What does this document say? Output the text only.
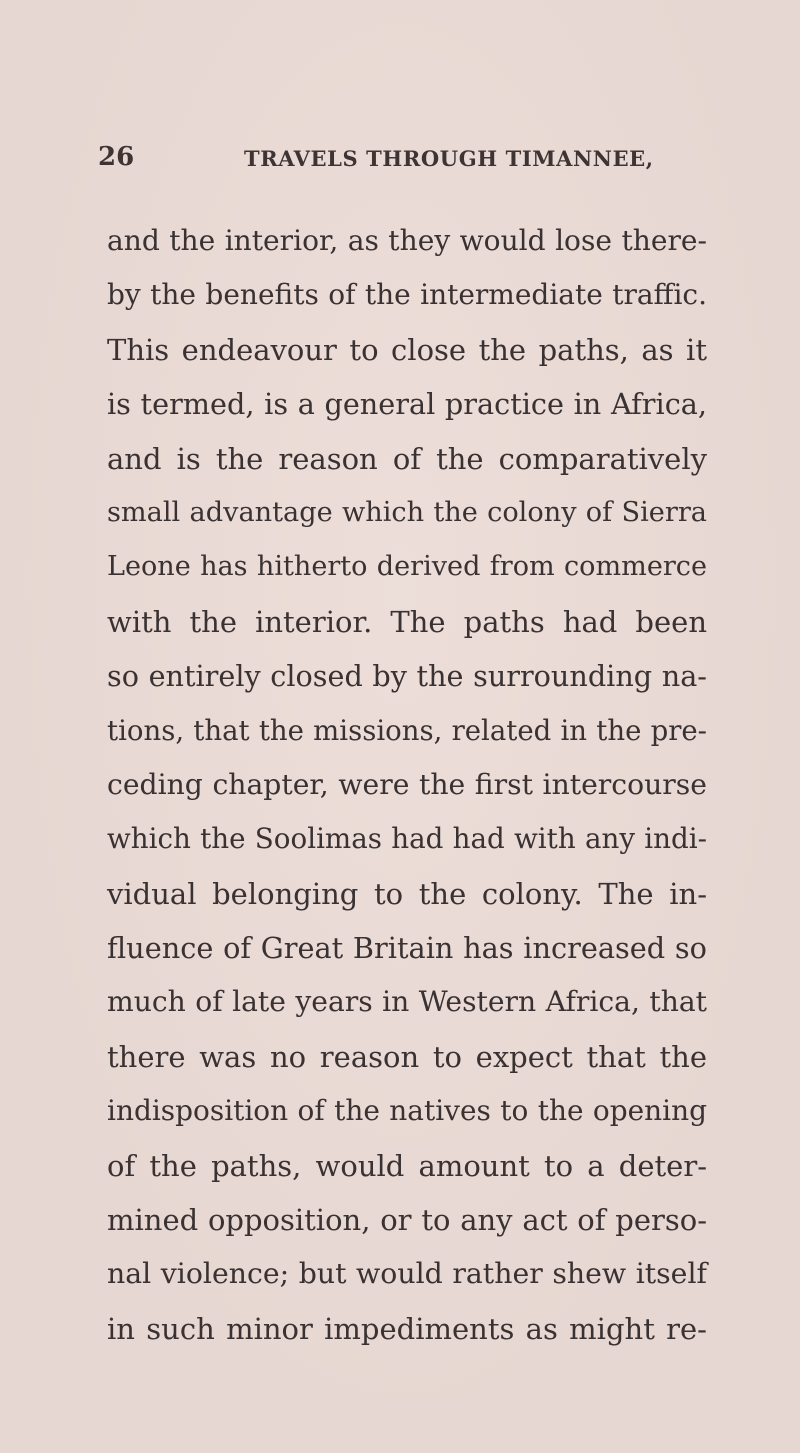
26	TRAVELS THROUGH TIMANNEE,
and the interior, as they would lose there-
by the benefits of the intermediate traffic.
This endeavour to close the paths, as it
is termed, is a general practice in Africa,
and is the reason of the comparatively
small advantage which the colony of Sierra
Leone has hitherto derived from commerce
with the interior. The paths had been
so entirely closed by the surrounding na-
tions, that the missions, related in the pre-
ceding chapter, were the first intercourse
which the Soolimas had had with any indi-
vidual belonging to the colony. The in-
fluence of Great Britain has increased so
much of late years in Western Africa, that
there was no reason to expect that the
indisposition of the natives to the opening
of the paths, would amount to a deter-
mined opposition, or to any act of perso-
nal violence; but would rather shew itself
in such minor impediments as might re-
